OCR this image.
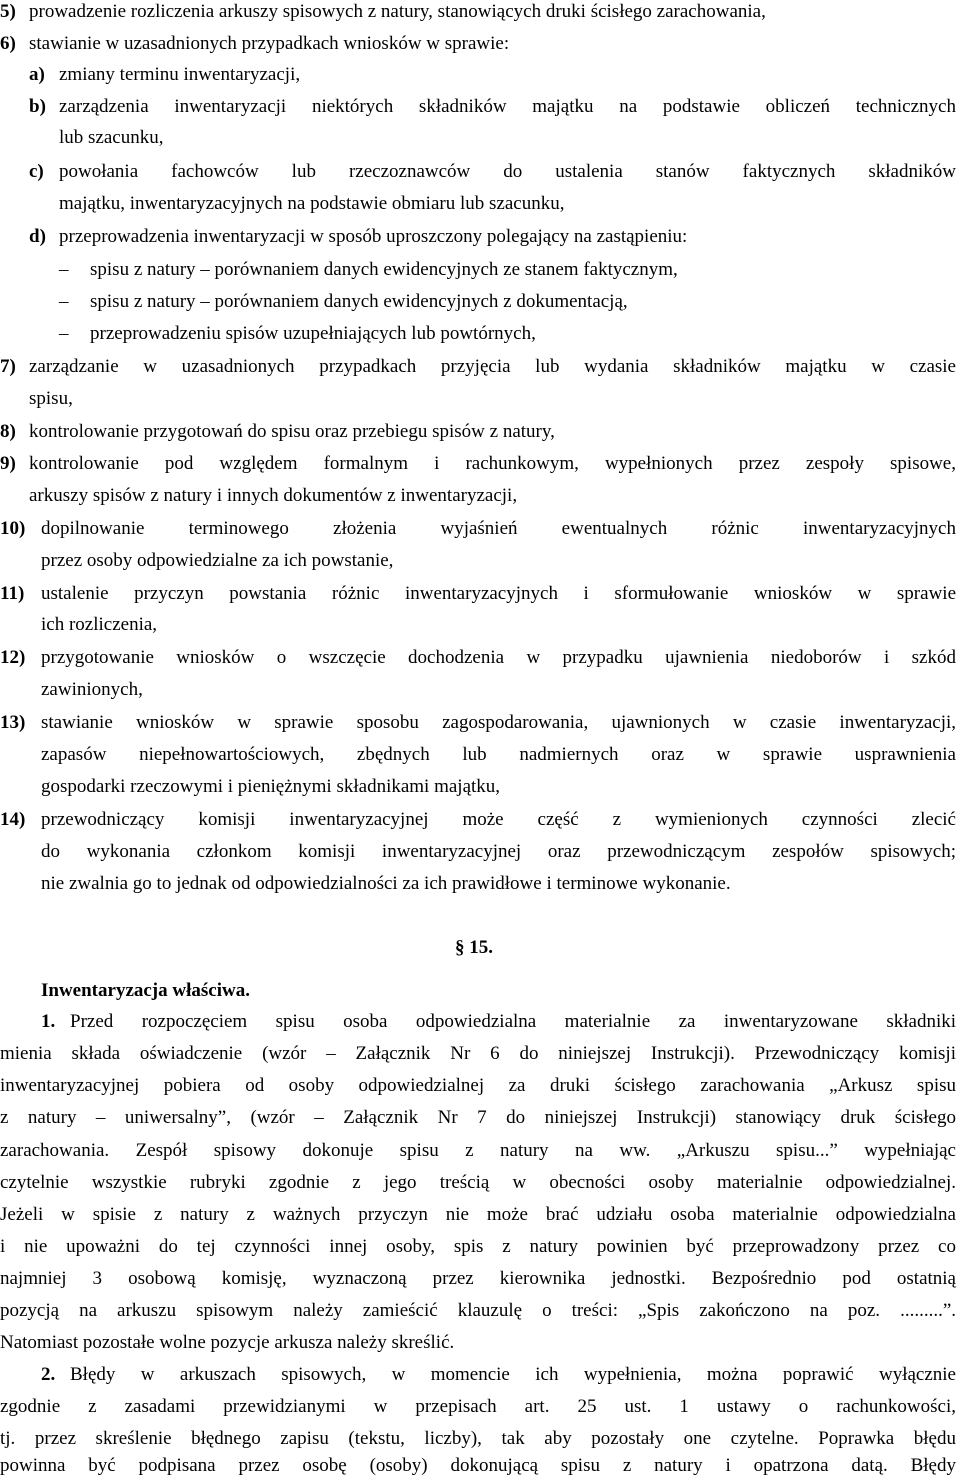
5) prowadzenie rozliczenia arkuszy spisowych z natury, stanowiących druki ścisłego zarachowania,
6) stawianie w uzasadnionych przypadkach wniosków w sprawie:
a) zmiany terminu inwentaryzacji,
b) zarządzenia inwentaryzacji niektórych składników majątku na podstawie obliczeń technicznych
lub szacunku,
c) powołania fachowców lub rzeczoznawców do ustalenia stanów faktycznych składników
majątku, inwentaryzacyjnych na podstawie obmiaru lub szacunku,
d) przeprowadzenia inwentaryzacji w sposób uproszczony polegający na zastąpieniu:
– spisu z natury – porównaniem danych ewidencyjnych ze stanem faktycznym,
– spisu z natury – porównaniem danych ewidencyjnych z dokumentacją,
– przeprowadzeniu spisów uzupełniających lub powtórnych,
7) zarządzanie w uzasadnionych przypadkach przyjęcia lub wydania składników majątku w czasie
spisu,
8) kontrolowanie przygotowań do spisu oraz przebiegu spisów z natury,
9) kontrolowanie pod względem formalnym i rachunkowym, wypełnionych przez zespoły spisowe,
arkuszy spisów z natury i innych dokumentów z inwentaryzacji,
10) dopilnowanie terminowego złożenia wyjaśnień ewentualnych różnic inwentaryzacyjnych
przez osoby odpowiedzialne za ich powstanie,
11) ustalenie przyczyn powstania różnic inwentaryzacyjnych i sformułowanie wniosków w sprawie
ich rozliczenia,
12) przygotowanie wniosków o wszczęcie dochodzenia w przypadku ujawnienia niedoborów i szkód
zawinionych,
13) stawianie wniosków w sprawie sposobu zagospodarowania, ujawnionych w czasie inwentaryzacji,
zapasów niepełnowartościowych, zbędnych lub nadmiernych oraz w sprawie usprawnienia
gospodarki rzeczowymi i pieniężnymi składnikami majątku,
14) przewodniczący komisji inwentaryzacyjnej może część z wymienionych czynności zlecić
do wykonania członkom komisji inwentaryzacyjnej oraz przewodniczącym zespołów spisowych;
nie zwalnia go to jednak od odpowiedzialności za ich prawidłowe i terminowe wykonanie.
§ 15.
Inwentaryzacja właściwa.
1. Przed rozpoczęciem spisu osoba odpowiedzialna materialnie za inwentaryzowane składniki
mienia składa oświadczenie (wzór – Załącznik Nr 6 do niniejszej Instrukcji). Przewodniczący komisji
inwentaryzacyjnej pobiera od osoby odpowiedzialnej za druki ścisłego zarachowania „Arkusz spisu
z natury – uniwersalny”, (wzór – Załącznik Nr 7 do niniejszej Instrukcji) stanowiący druk ścisłego
zarachowania. Zespół spisowy dokonuje spisu z natury na ww. „Arkuszu spisu...” wypełniając
czytelnie wszystkie rubryki zgodnie z jego treścią w obecności osoby materialnie odpowiedzialnej.
Jeżeli w spisie z natury z ważnych przyczyn nie może brać udziału osoba materialnie odpowiedzialna
i nie upoważni do tej czynności innej osoby, spis z natury powinien być przeprowadzony przez co
najmniej 3 osobową komisję, wyznaczoną przez kierownika jednostki. Bezpośrednio pod ostatnią
pozycją na arkuszu spisowym należy zamieścić klauzulę o treści: „Spis zakończono na poz. .........”.
Natomiast pozostałe wolne pozycje arkusza należy skreślić.
2. Błędy w arkuszach spisowych, w momencie ich wypełnienia, można poprawić wyłącznie
zgodnie z zasadami przewidzianymi w przepisach art. 25 ust. 1 ustawy o rachunkowości,
tj. przez skreślenie błędnego zapisu (tekstu, liczby), tak aby pozostały one czytelne. Poprawka błędu
powinna być podpisana przez osobę (osoby) dokonującą spisu z natury i opatrzona datą. Błędy
